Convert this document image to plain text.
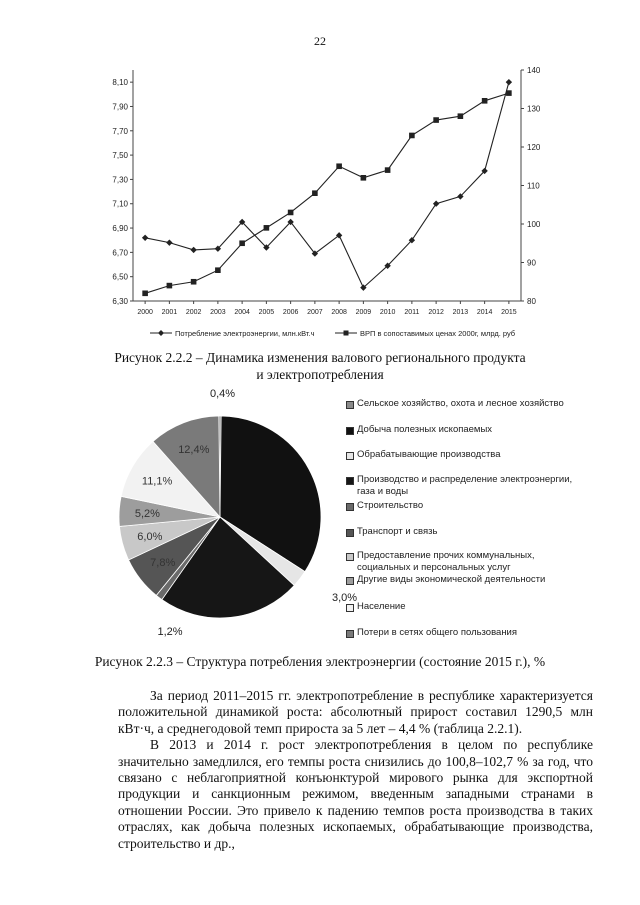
22
6,30
6,50
6,70
6,90
7,10
7,30
7,50
7,70
7,90
8,10
80
90
100
110
120
130
140
2000 2001 2002 2003 2004 2005 2006 2007 2008 2009 2010 2011 2012 2013 2014 2015
Потребление электроэнергии, млн.кВт.ч	ВРП в сопоставимых ценах 2000г, млрд. руб
Рисунок 2.2.2 – Динамика изменения валового регионального продукта
и электропотребления
0,4%
3,0%
1,2%
7,8%
6,0%
5,2%
11,1%
12,4%
Сельское хозяйство, охота и лесное хозяйство
Добыча полезных ископаемых
Обрабатывающие производства
Производство и распределение электроэнергии, газа и воды
Строительство
Транспорт и связь
Предоставление прочих коммунальных, социальных и персональных услуг
Другие виды экономической деятельности
Население
Потери в сетях общего пользования
Рисунок 2.2.3 – Структура потребления электроэнергии (состояние 2015 г.), %

За период 2011–2015 гг. электропотребление в республике характеризуется положительной динамикой роста: абсолютный прирост составил 1290,5 млн кВт·ч, а среднегодовой темп прироста за 5 лет – 4,4 % (таблица 2.2.1).

В 2013 и 2014 г. рост электропотребления в целом по республике значительно замедлился, его темпы роста снизились до 100,8–102,7 % за год, что связано с неблагоприятной конъюнктурой мирового рынка для экспортной продукции и санкционным режимом, введенным западными странами в отношении России. Это привело к падению темпов роста производства в таких отраслях, как добыча полезных ископаемых, обрабатывающие производства, строительство и др.,
